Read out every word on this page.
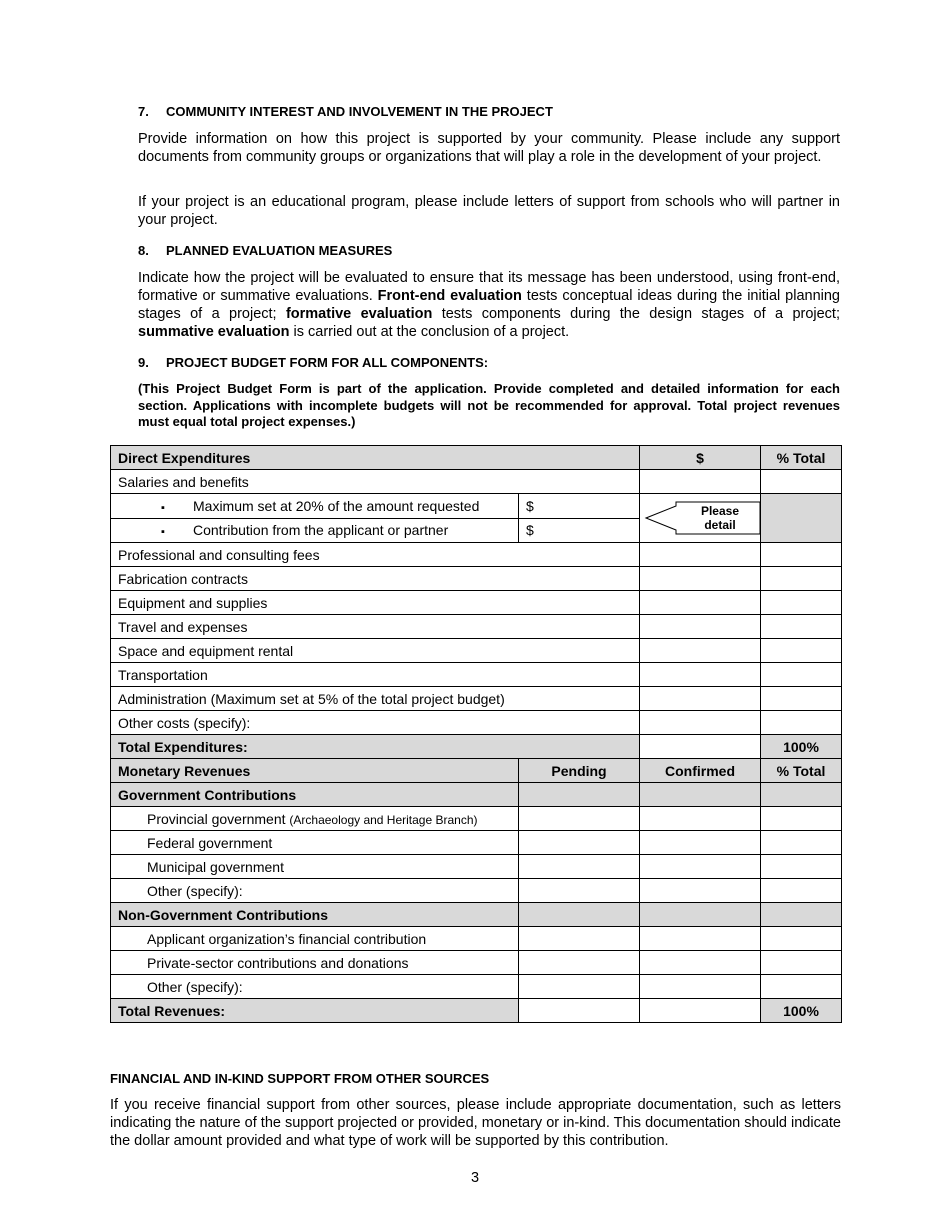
7. COMMUNITY INTEREST AND INVOLVEMENT IN THE PROJECT
Provide information on how this project is supported by your community. Please include any support documents from community groups or organizations that will play a role in the development of your project.
If your project is an educational program, please include letters of support from schools who will partner in your project.
8. PLANNED EVALUATION MEASURES
Indicate how the project will be evaluated to ensure that its message has been understood, using front-end, formative or summative evaluations. Front-end evaluation tests conceptual ideas during the initial planning stages of a project; formative evaluation tests components during the design stages of a project; summative evaluation is carried out at the conclusion of a project.
9. PROJECT BUDGET FORM FOR ALL COMPONENTS:
(This Project Budget Form is part of the application. Provide completed and detailed information for each section. Applications with incomplete budgets will not be recommended for approval. Total project revenues must equal total project expenses.)
Direct Expenditures		$	% Total
Salaries and benefits			
▪ Maximum set at 20% of the amount requested	$	Please
detail	

▪ Contribution from the applicant or partner	$		
Professional and consulting fees			
Fabrication contracts			
Equipment and supplies			
Travel and expenses			
Space and equipment rental			
Transportation			
Administration (Maximum set at 5% of the total project budget)			
Other costs (specify):			
Total Expenditures:			100%
Monetary Revenues	Pending	Confirmed	% Total
Government Contributions			
Provincial government (Archaeology and Heritage Branch)			
Federal government			
Municipal government			
Other (specify):			
Non-Government Contributions			
Applicant organization’s financial contribution			
Private-sector contributions and donations			
Other (specify):			
Total Revenues:			100%
FINANCIAL AND IN-KIND SUPPORT FROM OTHER SOURCES
If you receive financial support from other sources, please include appropriate documentation, such as letters indicating the nature of the support projected or provided, monetary or in-kind. This documentation should indicate the dollar amount provided and what type of work will be supported by this contribution.
3
